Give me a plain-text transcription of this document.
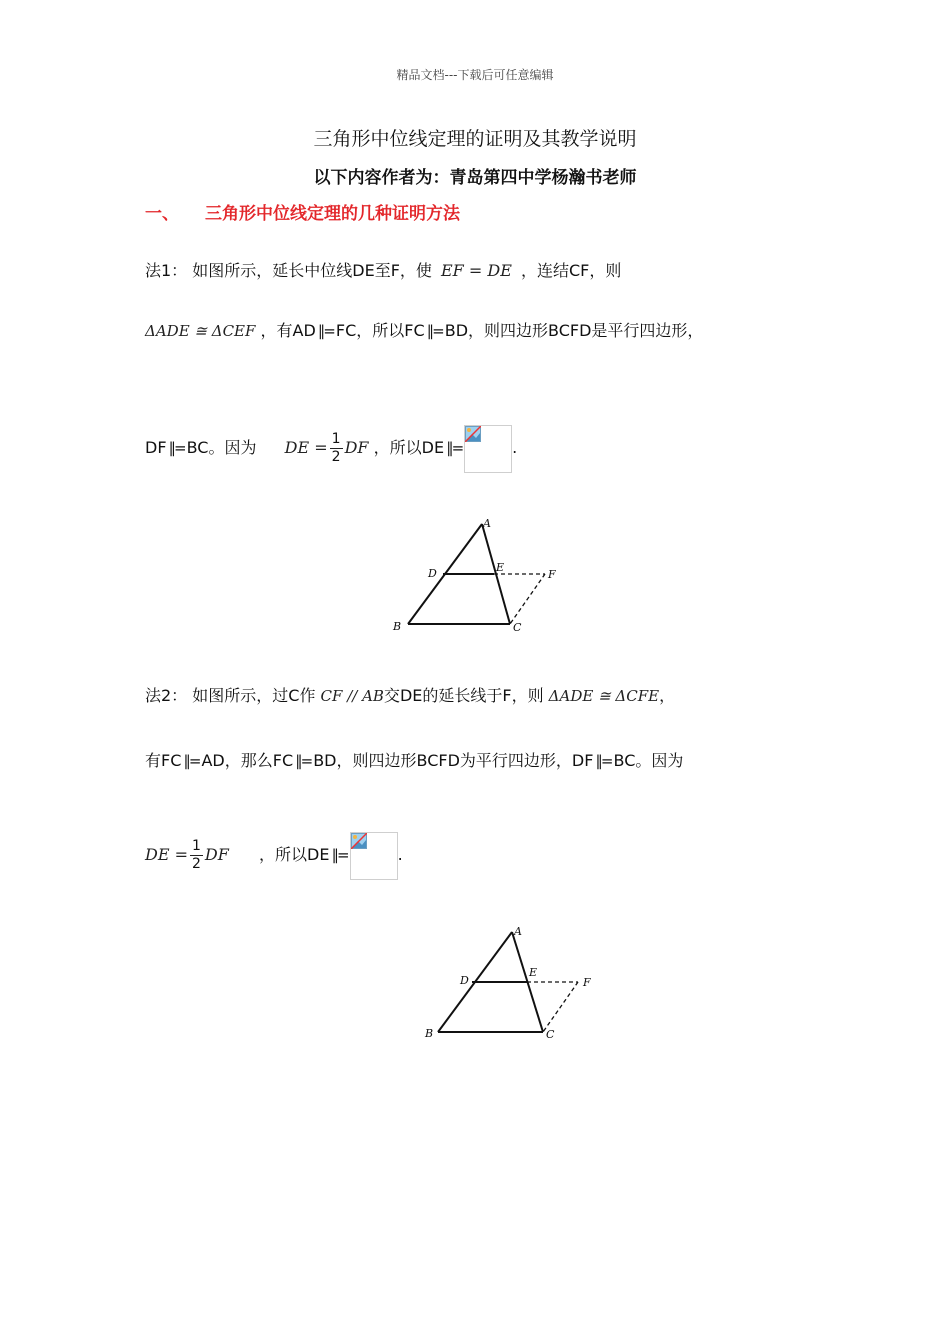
精品文档---下载后可任意编辑
三角形中位线定理的证明及其教学说明
以下内容作者为：青岛第四中学杨瀚书老师
一、 三角形中位线定理的几种证明方法
法1： 如图所示，延长中位线DE至F，使 EF = DE ，连结CF，则
ΔADE ≅ ΔCEF ，有AD ∥= FC，所以FC ∥= BD，则四边形BCFD是平行四边形，
DF ∥= BC。因为 DE = $\frac{1}{2}$ DF ，所以DE ∥=	.
A
D	E
F
B	C
法2： 如图所示，过C作 CF // AB交DE的延长线于F，则 ΔADE ≅ ΔCFE，
有FC ∥= AD，那么FC ∥= BD，则四边形BCFD为平行四边形，DF ∥= BC。因为
DE = $\frac{1}{2}$ DF ，所以DE ∥=	.
A
D
E
F
B	C
